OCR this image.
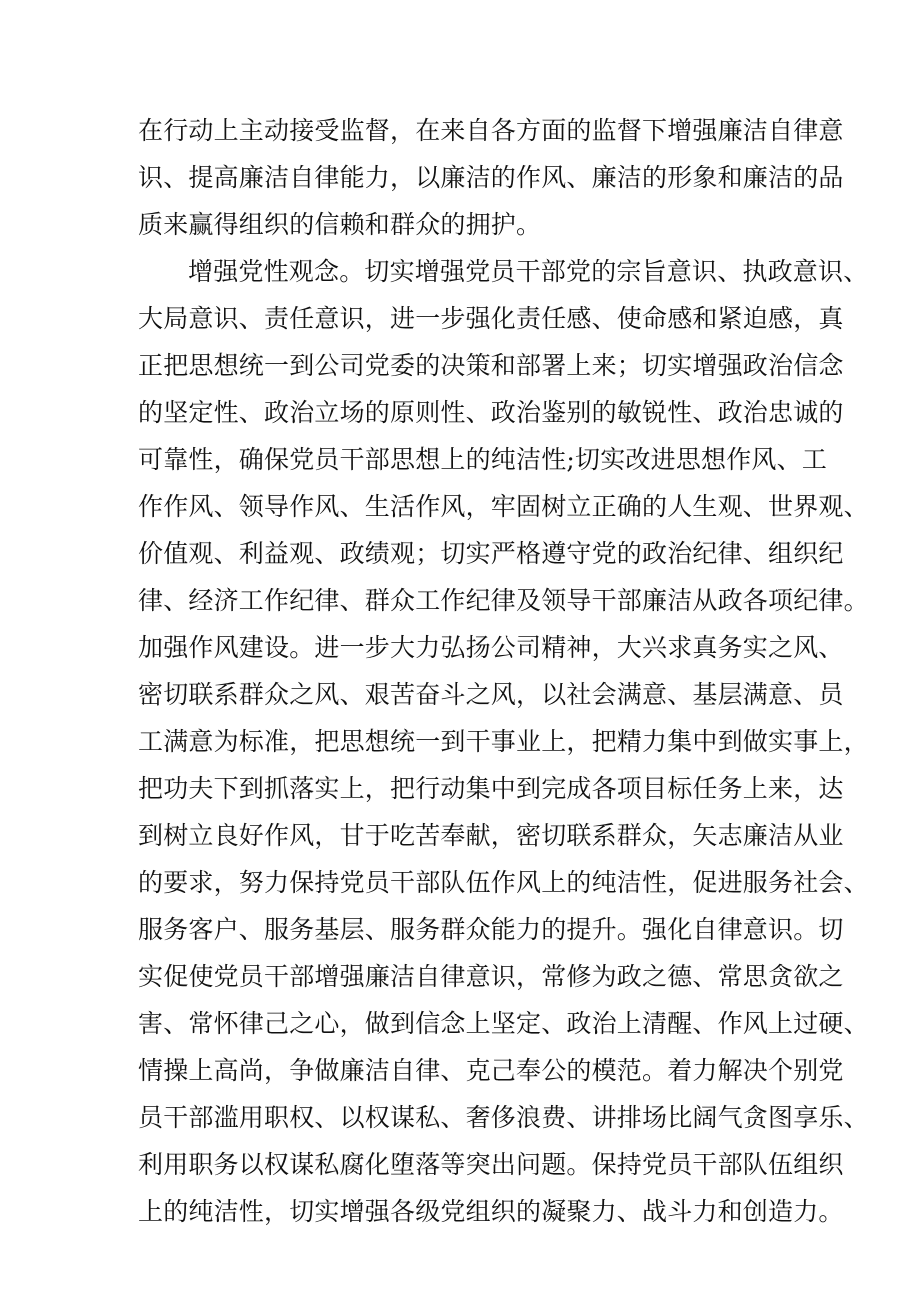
在行动上主动接受监督，在来自各方面的监督下增强廉洁自律意
识、提高廉洁自律能力，以廉洁的作风、廉洁的形象和廉洁的品
质来赢得组织的信赖和群众的拥护。
增强党性观念。切实增强党员干部党的宗旨意识、执政意识、
大局意识、责任意识，进一步强化责任感、使命感和紧迫感，真
正把思想统一到公司党委的决策和部署上来；切实增强政治信念
的坚定性、政治立场的原则性、政治鉴别的敏锐性、政治忠诚的
可靠性，确保党员干部思想上的纯洁性;切实改进思想作风、工
作作风、领导作风、生活作风，牢固树立正确的人生观、世界观、
价值观、利益观、政绩观；切实严格遵守党的政治纪律、组织纪
律、经济工作纪律、群众工作纪律及领导干部廉洁从政各项纪律。
加强作风建设。进一步大力弘扬公司精神，大兴求真务实之风、
密切联系群众之风、艰苦奋斗之风，以社会满意、基层满意、员
工满意为标准，把思想统一到干事业上，把精力集中到做实事上，
把功夫下到抓落实上，把行动集中到完成各项目标任务上来，达
到树立良好作风，甘于吃苦奉献，密切联系群众，矢志廉洁从业
的要求，努力保持党员干部队伍作风上的纯洁性，促进服务社会、
服务客户、服务基层、服务群众能力的提升。强化自律意识。切
实促使党员干部增强廉洁自律意识，常修为政之德、常思贪欲之
害、常怀律己之心，做到信念上坚定、政治上清醒、作风上过硬、
情操上高尚，争做廉洁自律、克己奉公的模范。着力解决个别党
员干部滥用职权、以权谋私、奢侈浪费、讲排场比阔气贪图享乐、
利用职务以权谋私腐化堕落等突出问题。保持党员干部队伍组织
上的纯洁性，切实增强各级党组织的凝聚力、战斗力和创造力。
